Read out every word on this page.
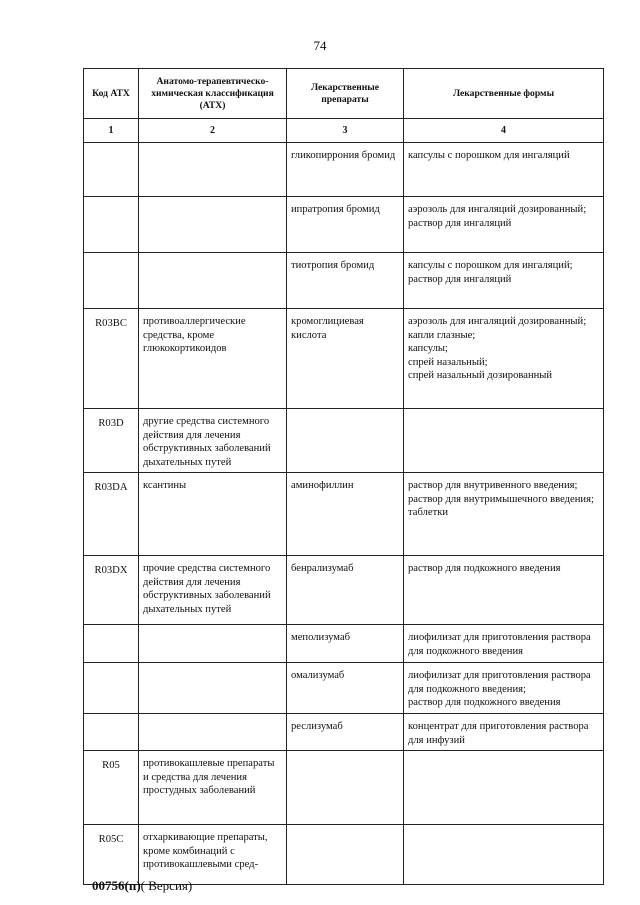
74
Код АТХ	Анатомо-терапевтическо-химическая классификация (АТХ)	Лекарственные препараты	Лекарственные формы
1	2	3	4
		гликопиррония бромид	капсулы с порошком для ингаляций

		ипратропия бромид	аэрозоль для ингаляций дозированный;
раствор для ингаляций

		тиотропия бромид	капсулы с порошком для ингаляций;
раствор для ингаляций

R03BC	противоаллергические средства, кроме глюкокортикоидов	кромоглициевая кислота	аэрозоль для ингаляций дозированный;
капли глазные;
капсулы;
спрей назальный;
спрей назальный дозированный

R03D	другие средства системного действия для лечения обструктивных заболеваний дыхательных путей		

R03DA	ксантины	аминофиллин	раствор для внутривенного введения;
раствор для внутримышечного введения;
таблетки

R03DX	прочие средства системного действия для лечения обструктивных заболеваний дыхательных путей	бенрализумаб	раствор для подкожного введения

		меполизумаб	лиофилизат для приготовления раствора для подкожного введения

		омализумаб	лиофилизат для приготовления раствора для подкожного введения;
раствор для подкожного введения

		реслизумаб	концентрат для приготовления раствора для инфузий

R05	противокашлевые препараты и средства для лечения простудных заболеваний		

R05C	отхаркивающие препараты, кроме комбинаций с противокашлевыми сред-		
00756(п)( Версия)
